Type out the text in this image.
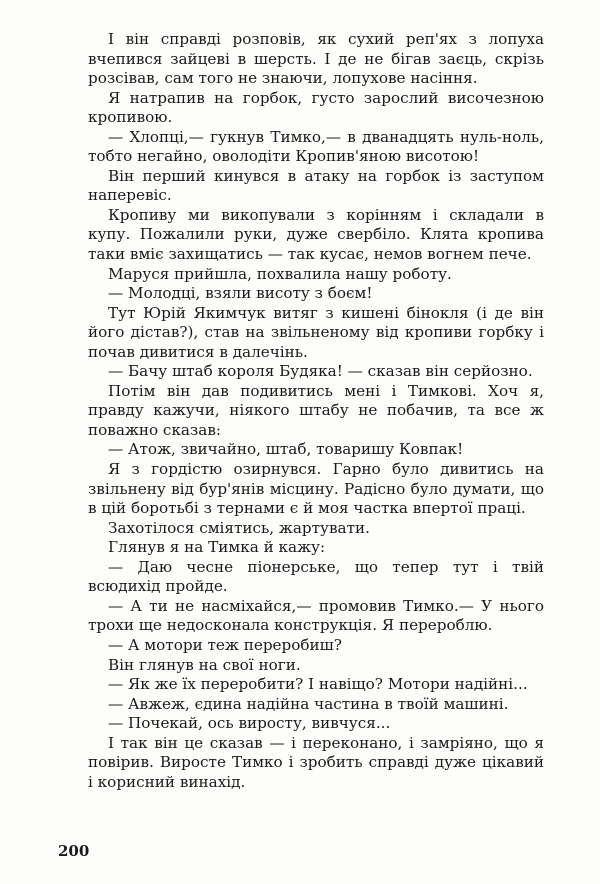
І він справді розповів, як сухий реп'ях з лопуха вчепився зайцеві в шерсть. І де не бігав заєць, скрізь розсівав, сам того не знаючи, лопухове насіння.

Я натрапив на горбок, густо зарослий височезною кропивою.

— Хлопці,— гукнув Тимко,— в дванадцять нуль-ноль, тобто негайно, оволодіти Кропив'яною висотою!

Він перший кинувся в атаку на горбок із заступом наперевіс.

Кропиву ми викопували з корінням і складали в купу. Пожалили руки, дуже свербіло. Клята кропива таки вміє захищатись — так кусає, немов вогнем пече.

Маруся прийшла, похвалила нашу роботу.

— Молодці, взяли висоту з боєм!

Тут Юрій Якимчук витяг з кишені бінокля (і де він його дістав?), став на звільненому від кропиви горбку і почав дивитися в далечінь.

— Бачу штаб короля Будяка! — сказав він серйозно.

Потім він дав подивитись мені і Тимкові. Хоч я, правду кажучи, ніякого штабу не побачив, та все ж поважно сказав:

— Атож, звичайно, штаб, товаришу Ковпак!

Я з гордістю озирнувся. Гарно було дивитись на звільнену від бур'янів місцину. Радісно було думати, що в цій боротьбі з тернами є й моя частка впертої праці.

Захотілося сміятись, жартувати.

Глянув я на Тимка й кажу:

— Даю чесне піонерське, що тепер тут і твій всюдихід пройде.

— А ти не насміхайся,— промовив Тимко.— У нього трохи ще недосконала конструкція. Я перероблю.

— А мотори теж переробиш?

Він глянув на свої ноги.

— Як же їх переробити? І навіщо? Мотори надійні...

— Авжеж, єдина надійна частина в твоїй машині.

— Почекай, ось виросту, вивчуся...

І так він це сказав — і переконано, і замріяно, що я повірив. Виросте Тимко і зробить справді дуже цікавий і корисний винахід.

200
